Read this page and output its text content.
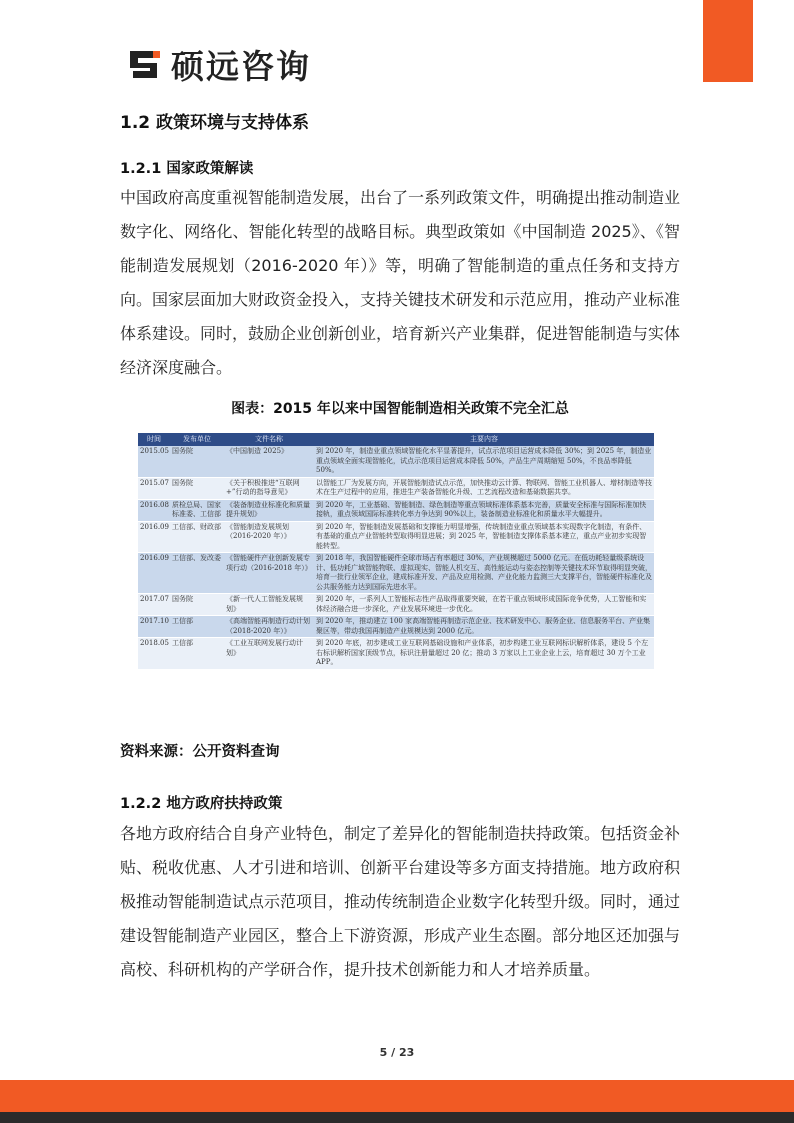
硕远咨询
1.2 政策环境与支持体系
1.2.1 国家政策解读
中国政府高度重视智能制造发展，出台了一系列政策文件，明确提出推动制造业数字化、网络化、智能化转型的战略目标。典型政策如《中国制造 2025》、《智能制造发展规划（2016-2020 年）》等，明确了智能制造的重点任务和支持方向。国家层面加大财政资金投入，支持关键技术研发和示范应用，推动产业标准体系建设。同时，鼓励企业创新创业，培育新兴产业集群，促进智能制造与实体经济深度融合。
图表：2015 年以来中国智能制造相关政策不完全汇总
时间	发布单位	文件名称	主要内容
2015.05	国务院	《中国制造 2025》	到 2020 年，制造业重点领域智能化水平显著提升，试点示范项目运营成本降低 30%；到 2025 年，制造业重点领域全面实现智能化，试点示范项目运营成本降低 50%，产品生产周期缩短 50%，不良品率降低 50%。
2015.07	国务院	《关于积极推进“互联网+”行动的指导意见》	以智能工厂为发展方向，开展智能制造试点示范，加快推动云计算、物联网、智能工业机器人、增材制造等技术在生产过程中的应用，推进生产装备智能化升级、工艺流程改造和基础数据共享。
2016.08	质检总局、国家标准委、工信部	《装备制造业标准化和质量提升规划》	到 2020 年，工业基础、智能制造、绿色制造等重点领域标准体系基本完善，质量安全标准与国际标准加快接轨，重点领域国际标准转化率力争达到 90%以上，装备制造业标准化和质量水平大幅提升。
2016.09	工信部、财政部	《智能制造发展规划（2016-2020 年）》	到 2020 年，智能制造发展基础和支撑能力明显增强，传统制造业重点领域基本实现数字化制造，有条件、有基础的重点产业智能转型取得明显进展；到 2025 年，智能制造支撑体系基本建立，重点产业初步实现智能转型。
2016.09	工信部、发改委	《智能硬件产业创新发展专项行动（2016-2018 年）》	到 2018 年，我国智能硬件全球市场占有率超过 30%，产业规模超过 5000 亿元。在低功耗轻量级系统设计、低功耗广域智能物联、虚拟现实、智能人机交互、高性能运动与姿态控制等关键技术环节取得明显突破，培育一批行业领军企业，建成标准开发、产品及应用检测、产业化能力监测三大支撑平台，智能硬件标准化及公共服务能力达到国际先进水平。
2017.07	国务院	《新一代人工智能发展规划》	到 2020 年，一系列人工智能标志性产品取得重要突破，在若干重点领域形成国际竞争优势，人工智能和实体经济融合进一步深化，产业发展环境进一步优化。
2017.10	工信部	《高端智能再制造行动计划（2018-2020 年）》	到 2020 年，推动建立 100 家高端智能再制造示范企业、技术研发中心、服务企业、信息服务平台、产业集聚区等，带动我国再制造产业规模达到 2000 亿元。
2018.05	工信部	《工业互联网发展行动计划》	到 2020 年底，初步建成工业互联网基础设施和产业体系，初步构建工业互联网标识解析体系，建设 5 个左右标识解析国家顶级节点，标识注册量超过 20 亿；推动 3 万家以上工业企业上云，培育超过 30 万个工业 APP。
资料来源：公开资料查询
1.2.2 地方政府扶持政策
各地方政府结合自身产业特色，制定了差异化的智能制造扶持政策。包括资金补贴、税收优惠、人才引进和培训、创新平台建设等多方面支持措施。地方政府积极推动智能制造试点示范项目，推动传统制造企业数字化转型升级。同时，通过建设智能制造产业园区，整合上下游资源，形成产业生态圈。部分地区还加强与高校、科研机构的产学研合作，提升技术创新能力和人才培养质量。
5 / 23
